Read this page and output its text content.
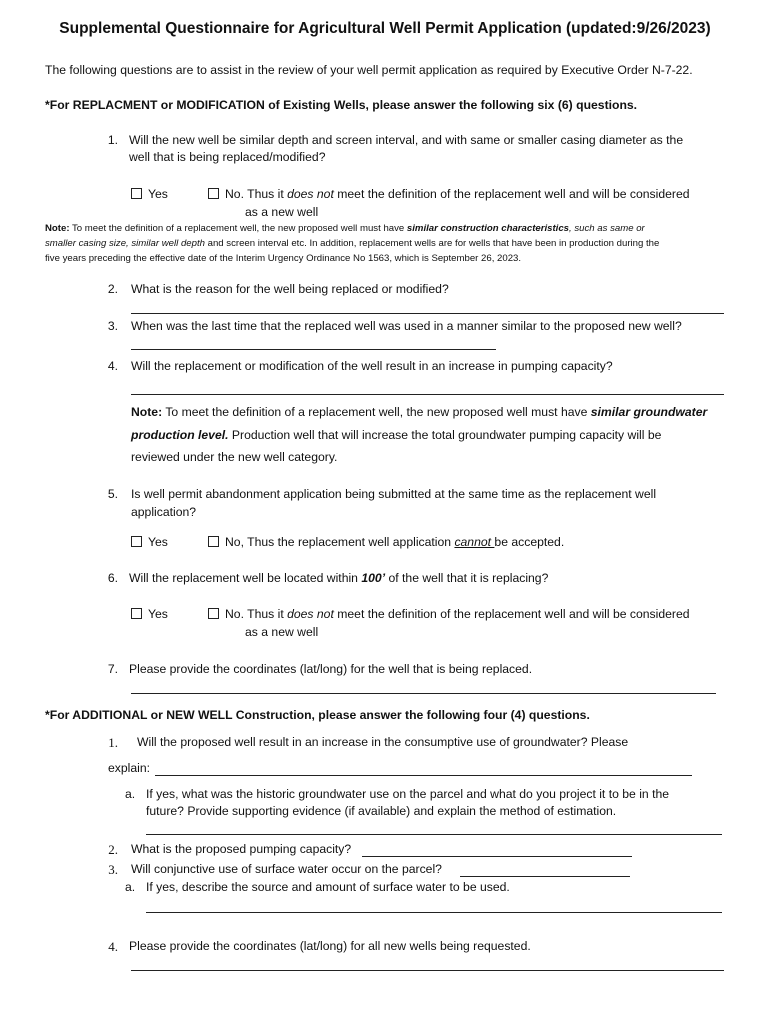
Supplemental Questionnaire for Agricultural Well Permit Application (updated:9/26/2023)
The following questions are to assist in the review of your well permit application as required by Executive Order N-7-22.
*For REPLACMENT or MODIFICATION of Existing Wells, please answer the following six (6) questions.
1. Will the new well be similar depth and screen interval, and with same or smaller casing diameter as the
well that is being replaced/modified?
Yes	No. Thus it does not meet the definition of the replacement well and will be considered
as a new well
Note: To meet the definition of a replacement well, the new proposed well must have similar construction characteristics, such as same or
smaller casing size, similar well depth and screen interval etc. In addition, replacement wells are for wells that have been in production during the
five years preceding the effective date of the Interim Urgency Ordinance No 1563, which is September 26, 2023.
2. What is the reason for the well being replaced or modified?
3. When was the last time that the replaced well was used in a manner similar to the proposed new well?
4. Will the replacement or modification of the well result in an increase in pumping capacity?
Note: To meet the definition of a replacement well, the new proposed well must have similar groundwater
production level. Production well that will increase the total groundwater pumping capacity will be
reviewed under the new well category.
5. Is well permit abandonment application being submitted at the same time as the replacement well
application?
Yes	No, Thus the replacement well application cannot be accepted.
6. Will the replacement well be located within 100’ of the well that it is replacing?
Yes	No. Thus it does not meet the definition of the replacement well and will be considered
as a new well
7. Please provide the coordinates (lat/long) for the well that is being replaced.
*For ADDITIONAL or NEW WELL Construction, please answer the following four (4) questions.
1. Will the proposed well result in an increase in the consumptive use of groundwater? Please
explain:
a. If yes, what was the historic groundwater use on the parcel and what do you project it to be in the
future? Provide supporting evidence (if available) and explain the method of estimation.
2. What is the proposed pumping capacity?
3. Will conjunctive use of surface water occur on the parcel?
a. If yes, describe the source and amount of surface water to be used.
4. Please provide the coordinates (lat/long) for all new wells being requested.
